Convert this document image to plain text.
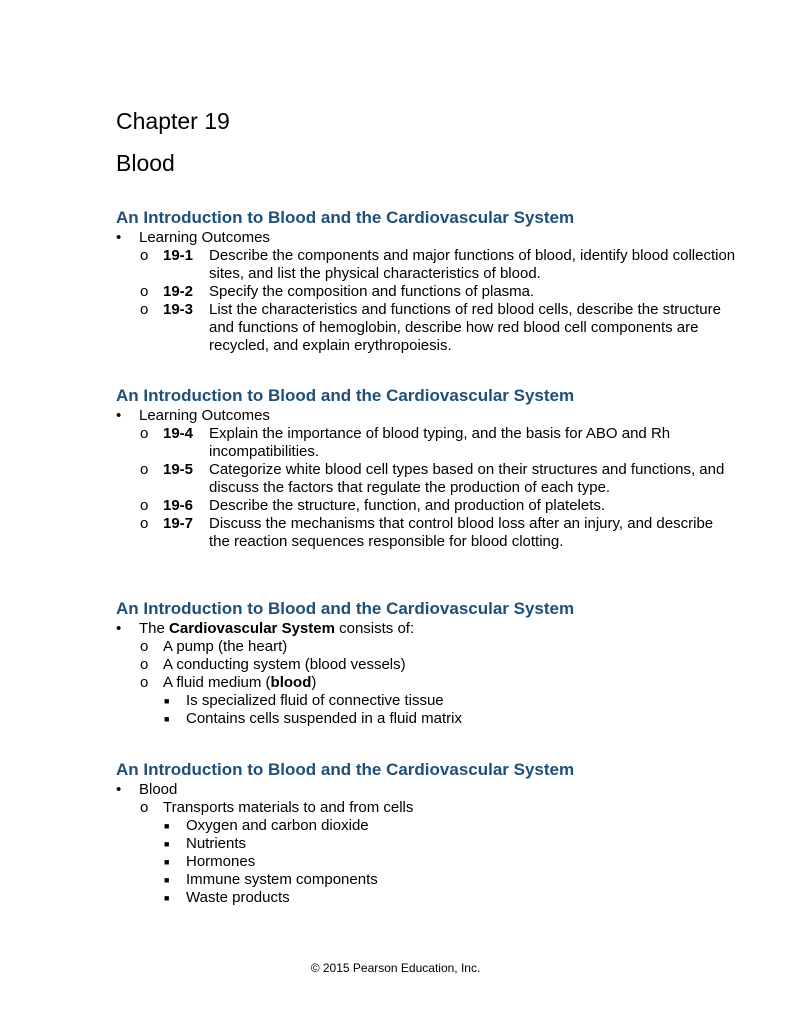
Chapter 19
Blood
An Introduction to Blood and the Cardiovascular System
• Learning Outcomes
o 19-1 Describe the components and major functions of blood, identify blood collection sites, and list the physical characteristics of blood.
o 19-2 Specify the composition and functions of plasma.
o 19-3 List the characteristics and functions of red blood cells, describe the structure and functions of hemoglobin, describe how red blood cell components are recycled, and explain erythropoiesis.
An Introduction to Blood and the Cardiovascular System
• Learning Outcomes
o 19-4 Explain the importance of blood typing, and the basis for ABO and Rh incompatibilities.
o 19-5 Categorize white blood cell types based on their structures and functions, and discuss the factors that regulate the production of each type.
o 19-6 Describe the structure, function, and production of platelets.
o 19-7 Discuss the mechanisms that control blood loss after an injury, and describe the reaction sequences responsible for blood clotting.
An Introduction to Blood and the Cardiovascular System
• The Cardiovascular System consists of:
o A pump (the heart)
o A conducting system (blood vessels)
o A fluid medium (blood)
■ Is specialized fluid of connective tissue
■ Contains cells suspended in a fluid matrix
An Introduction to Blood and the Cardiovascular System
• Blood
o Transports materials to and from cells
■ Oxygen and carbon dioxide
■ Nutrients
■ Hormones
■ Immune system components
■ Waste products
© 2015 Pearson Education, Inc.
